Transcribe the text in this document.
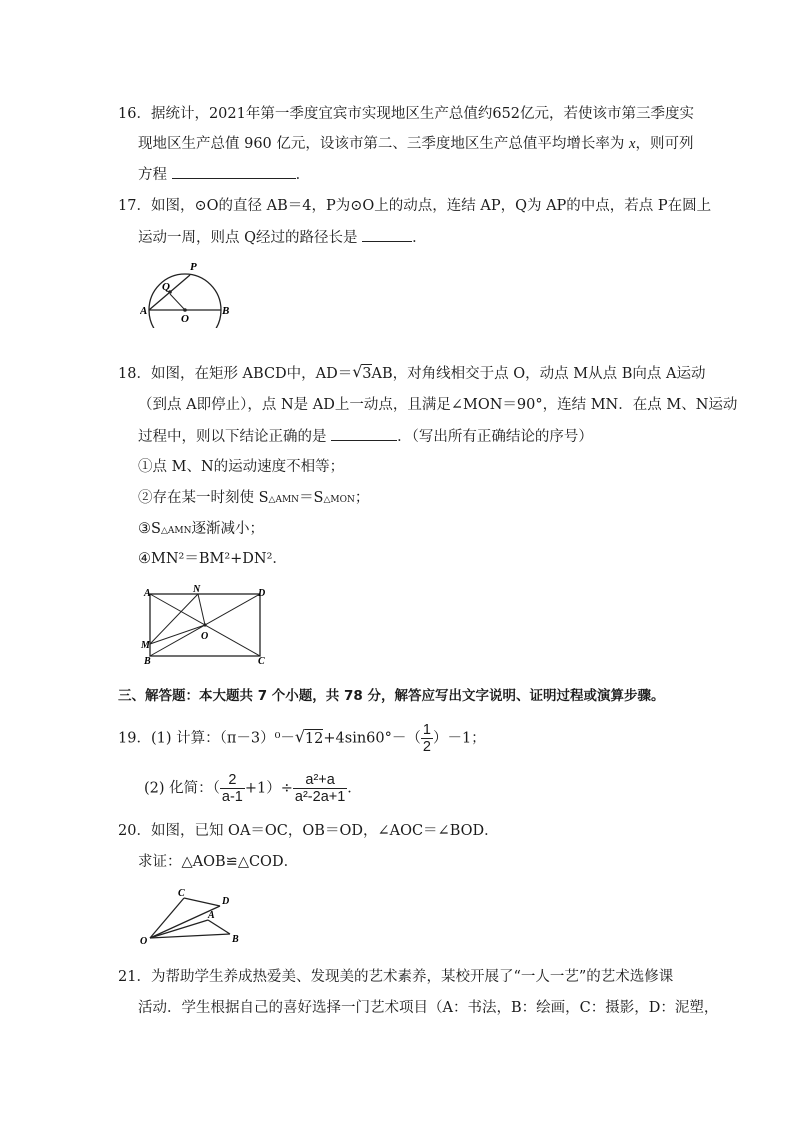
16．据统计，2021年第一季度宜宾市实现地区生产总值约652亿元，若使该市第三季度实
现地区生产总值 960 亿元，设该市第二、三季度地区生产总值平均增长率为 x，则可列
方程	．
17．如图，⊙O的直径 AB＝4，P为⊙O上的动点，连结 AP，Q为 AP的中点，若点 P在圆上
运动一周，则点 Q经过的路径长是	．
P
Q
A
O
B
18．如图，在矩形 ABCD中，AD＝ √ 3AB，对角线相交于点 O，动点 M从点 B向点 A运动
（到点 A即停止），点 N是 AD上一动点，且满足∠MON＝90°，连结 MN．在点 M、N运动
过程中，则以下结论正确的是	．（写出所有正确结论的序号）
①点 M、N的运动速度不相等；
②存在某一时刻使 S△AMN＝S△MON；
③S△AMN逐渐减小；
④MN²＝BM²+DN²．
A	N	D
M
O
B	C
三、解答题：本大题共 7 个小题，共 78 分，解答应写出文字说明、证明过程或演算步骤。
19．(1) 计算：（π－3）⁰－ √ $12+4\sin 60^\circ-( \frac{1}{2} )-1$；
(2) 化简：（ $\frac{2}{a-1} +1)\div \frac{\text{a²+a}}{\text{a²-2a+1}}$ ．
20．如图，已知 OA＝OC，OB＝OD，∠AOC＝∠BOD．
求证：△AOB≌△COD．
C
D
A
O	B
21．为帮助学生养成热爱美、发现美的艺术素养，某校开展了“一人一艺”的艺术选修课
活动．学生根据自己的喜好选择一门艺术项目（A：书法，B：绘画，C：摄影，D：泥塑，
